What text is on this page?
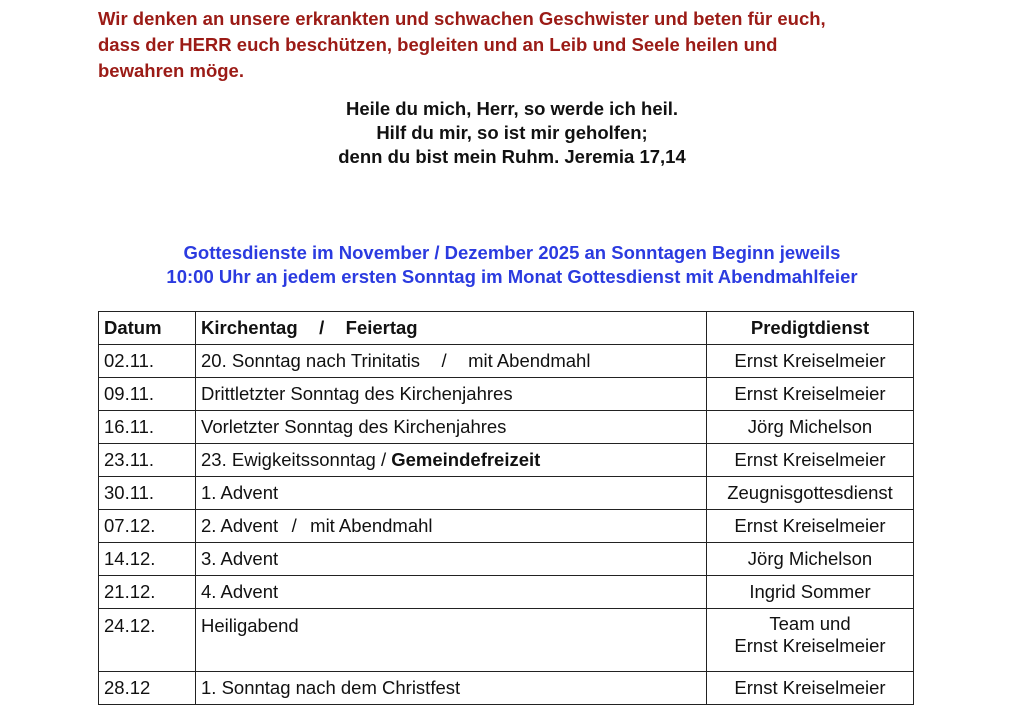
Wir denken an unsere erkrankten und schwachen Geschwister und beten für euch,
dass der HERR euch beschützen, begleiten und an Leib und Seele heilen und
bewahren möge.
Heile du mich, Herr, so werde ich heil.
Hilf du mir, so ist mir geholfen;
denn du bist mein Ruhm. Jeremia 17,14
Gottesdienste im November / Dezember 2025 an Sonntagen Beginn jeweils
10:00 Uhr an jedem ersten Sonntag im Monat Gottesdienst mit Abendmahlfeier
Datum	Kirchentag / Feiertag	Predigtdienst
02.11.	20. Sonntag nach Trinitatis / mit Abendmahl	Ernst Kreiselmeier
09.11.	Drittletzter Sonntag des Kirchenjahres	Ernst Kreiselmeier
16.11.	Vorletzter Sonntag des Kirchenjahres	Jörg Michelson
23.11.	23. Ewigkeitssonntag / Gemeindefreizeit	Ernst Kreiselmeier
30.11.	1. Advent	Zeugnisgottesdienst
07.12.	2. Advent / mit Abendmahl	Ernst Kreiselmeier
14.12.	3. Advent	Jörg Michelson
21.12.	4. Advent	Ingrid Sommer
24.12.	Heiligabend	Team und
Ernst Kreiselmeier

28.12	1. Sonntag nach dem Christfest	Ernst Kreiselmeier
